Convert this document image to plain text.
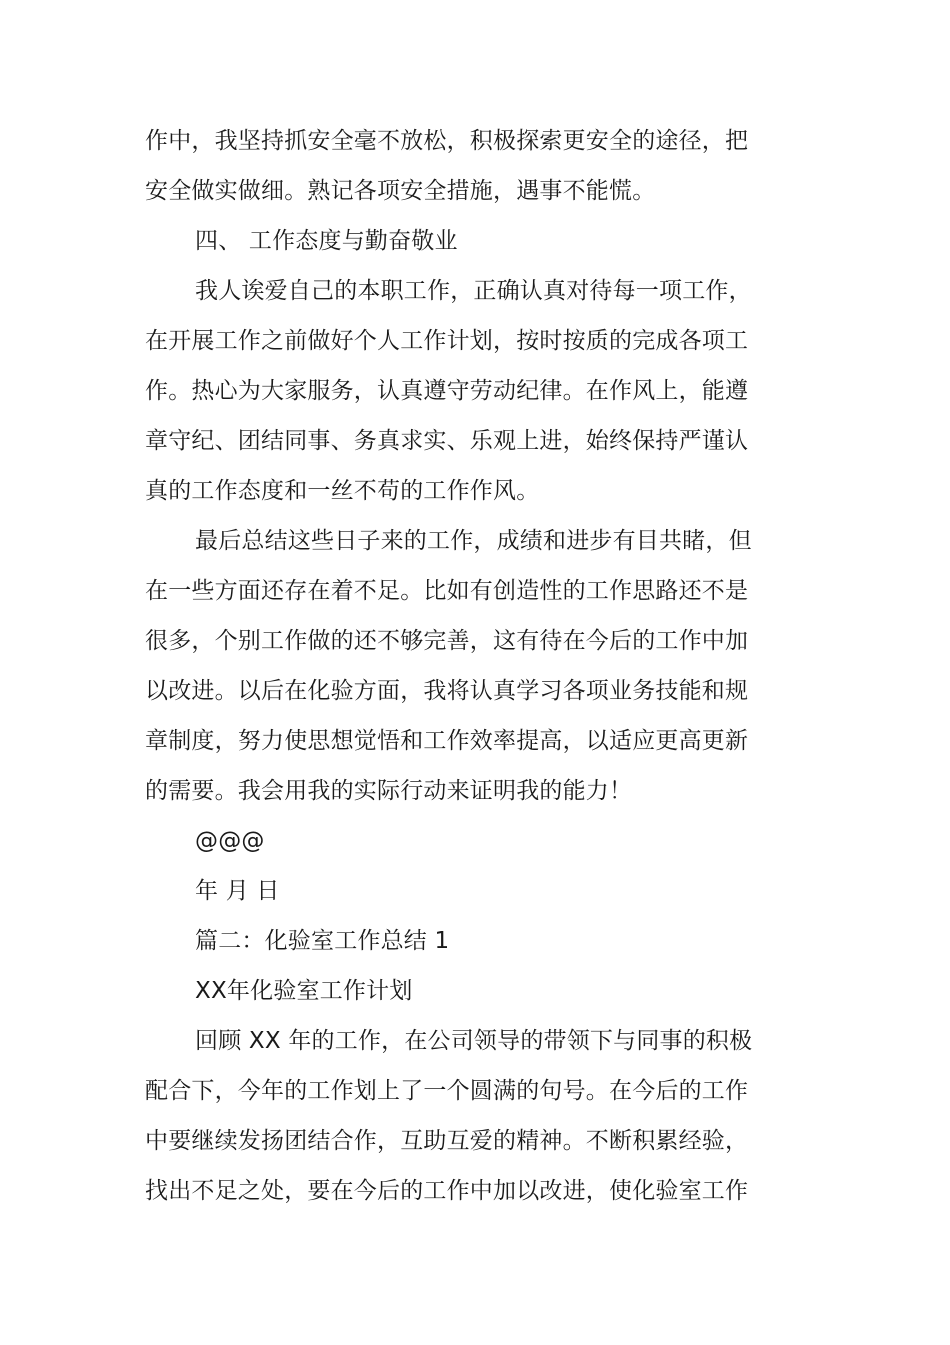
作中，我坚持抓安全毫不放松，积极探索更安全的途径，把
安全做实做细。熟记各项安全措施，遇事不能慌。
四、 工作态度与勤奋敬业
我人诶爱自己的本职工作，正确认真对待每一项工作，
在开展工作之前做好个人工作计划，按时按质的完成各项工
作。热心为大家服务，认真遵守劳动纪律。在作风上，能遵
章守纪、团结同事、务真求实、乐观上进，始终保持严谨认
真的工作态度和一丝不苟的工作作风。
最后总结这些日子来的工作，成绩和进步有目共睹，但
在一些方面还存在着不足。比如有创造性的工作思路还不是
很多，个别工作做的还不够完善，这有待在今后的工作中加
以改进。以后在化验方面，我将认真学习各项业务技能和规
章制度，努力使思想觉悟和工作效率提高，以适应更高更新
的需要。我会用我的实际行动来证明我的能力！
@@@
年 月 日
篇二：化验室工作总结 1
XX年化验室工作计划
回顾 XX 年的工作，在公司领导的带领下与同事的积极
配合下，今年的工作划上了一个圆满的句号。在今后的工作
中要继续发扬团结合作，互助互爱的精神。不断积累经验，
找出不足之处，要在今后的工作中加以改进，使化验室工作
